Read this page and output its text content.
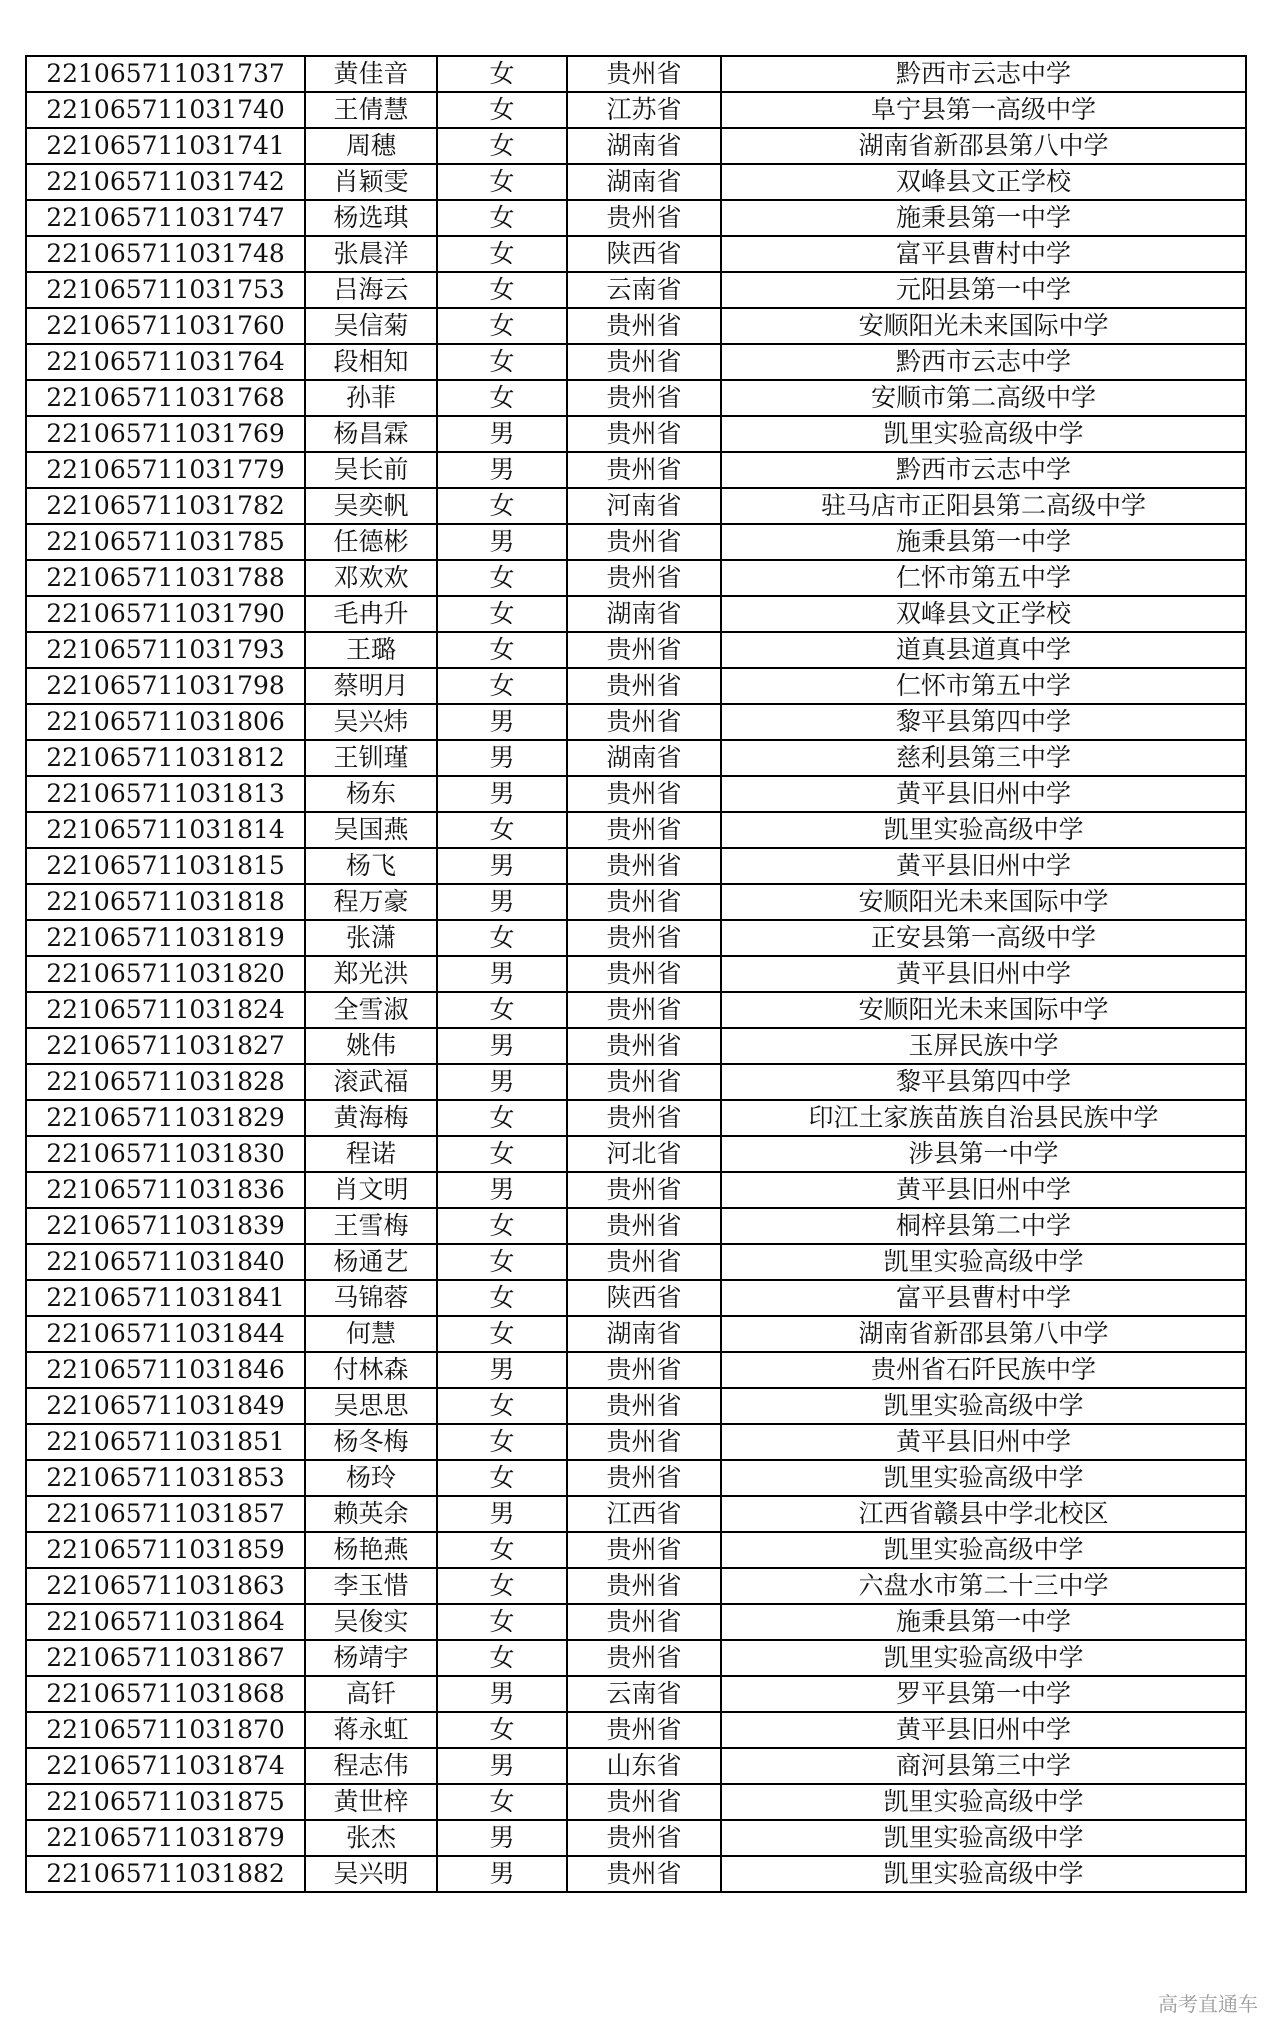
221065711031737	黄佳音	女	贵州省	黔西市云志中学
221065711031740	王倩慧	女	江苏省	阜宁县第一高级中学
221065711031741	周穗	女	湖南省	湖南省新邵县第八中学
221065711031742	肖颖雯	女	湖南省	双峰县文正学校
221065711031747	杨选琪	女	贵州省	施秉县第一中学
221065711031748	张晨洋	女	陕西省	富平县曹村中学
221065711031753	吕海云	女	云南省	元阳县第一中学
221065711031760	吴信菊	女	贵州省	安顺阳光未来国际中学
221065711031764	段相知	女	贵州省	黔西市云志中学
221065711031768	孙菲	女	贵州省	安顺市第二高级中学
221065711031769	杨昌霖	男	贵州省	凯里实验高级中学
221065711031779	吴长前	男	贵州省	黔西市云志中学
221065711031782	吴奕帆	女	河南省	驻马店市正阳县第二高级中学
221065711031785	任德彬	男	贵州省	施秉县第一中学
221065711031788	邓欢欢	女	贵州省	仁怀市第五中学
221065711031790	毛冉升	女	湖南省	双峰县文正学校
221065711031793	王璐	女	贵州省	道真县道真中学
221065711031798	蔡明月	女	贵州省	仁怀市第五中学
221065711031806	吴兴炜	男	贵州省	黎平县第四中学
221065711031812	王钏瑾	男	湖南省	慈利县第三中学
221065711031813	杨东	男	贵州省	黄平县旧州中学
221065711031814	吴国燕	女	贵州省	凯里实验高级中学
221065711031815	杨飞	男	贵州省	黄平县旧州中学
221065711031818	程万豪	男	贵州省	安顺阳光未来国际中学
221065711031819	张潇	女	贵州省	正安县第一高级中学
221065711031820	郑光洪	男	贵州省	黄平县旧州中学
221065711031824	全雪淑	女	贵州省	安顺阳光未来国际中学
221065711031827	姚伟	男	贵州省	玉屏民族中学
221065711031828	滚武福	男	贵州省	黎平县第四中学
221065711031829	黄海梅	女	贵州省	印江土家族苗族自治县民族中学
221065711031830	程诺	女	河北省	涉县第一中学
221065711031836	肖文明	男	贵州省	黄平县旧州中学
221065711031839	王雪梅	女	贵州省	桐梓县第二中学
221065711031840	杨通艺	女	贵州省	凯里实验高级中学
221065711031841	马锦蓉	女	陕西省	富平县曹村中学
221065711031844	何慧	女	湖南省	湖南省新邵县第八中学
221065711031846	付林森	男	贵州省	贵州省石阡民族中学
221065711031849	吴思思	女	贵州省	凯里实验高级中学
221065711031851	杨冬梅	女	贵州省	黄平县旧州中学
221065711031853	杨玲	女	贵州省	凯里实验高级中学
221065711031857	赖英余	男	江西省	江西省赣县中学北校区
221065711031859	杨艳燕	女	贵州省	凯里实验高级中学
221065711031863	李玉惜	女	贵州省	六盘水市第二十三中学
221065711031864	吴俊实	女	贵州省	施秉县第一中学
221065711031867	杨靖宇	女	贵州省	凯里实验高级中学
221065711031868	高钎	男	云南省	罗平县第一中学
221065711031870	蒋永虹	女	贵州省	黄平县旧州中学
221065711031874	程志伟	男	山东省	商河县第三中学
221065711031875	黄世梓	女	贵州省	凯里实验高级中学
221065711031879	张杰	男	贵州省	凯里实验高级中学
221065711031882	吴兴明	男	贵州省	凯里实验高级中学
高考直通车
